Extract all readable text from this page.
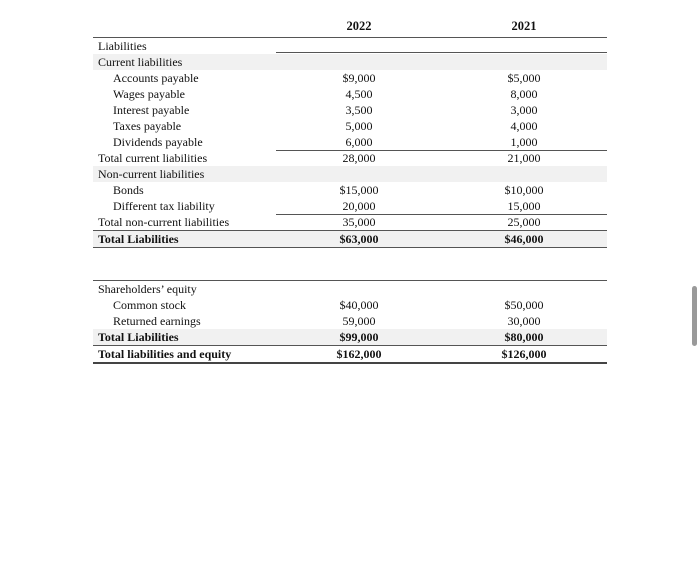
2022	2021
Liabilities
Current liabilities
Accounts payable	$9,000	$5,000
Wages payable	4,500	8,000
Interest payable	3,500	3,000
Taxes payable	5,000	4,000
Dividends payable	6,000	1,000
Total current liabilities	28,000	21,000
Non-current liabilities
Bonds	$15,000	$10,000
Different tax liability	20,000	15,000
Total non-current liabilities	35,000	25,000
Total Liabilities	$63,000	$46,000
Shareholders’ equity
Common stock	$40,000	$50,000
Returned earnings	59,000	30,000
Total Liabilities	$99,000	$80,000
Total liabilities and equity	$162,000	$126,000
